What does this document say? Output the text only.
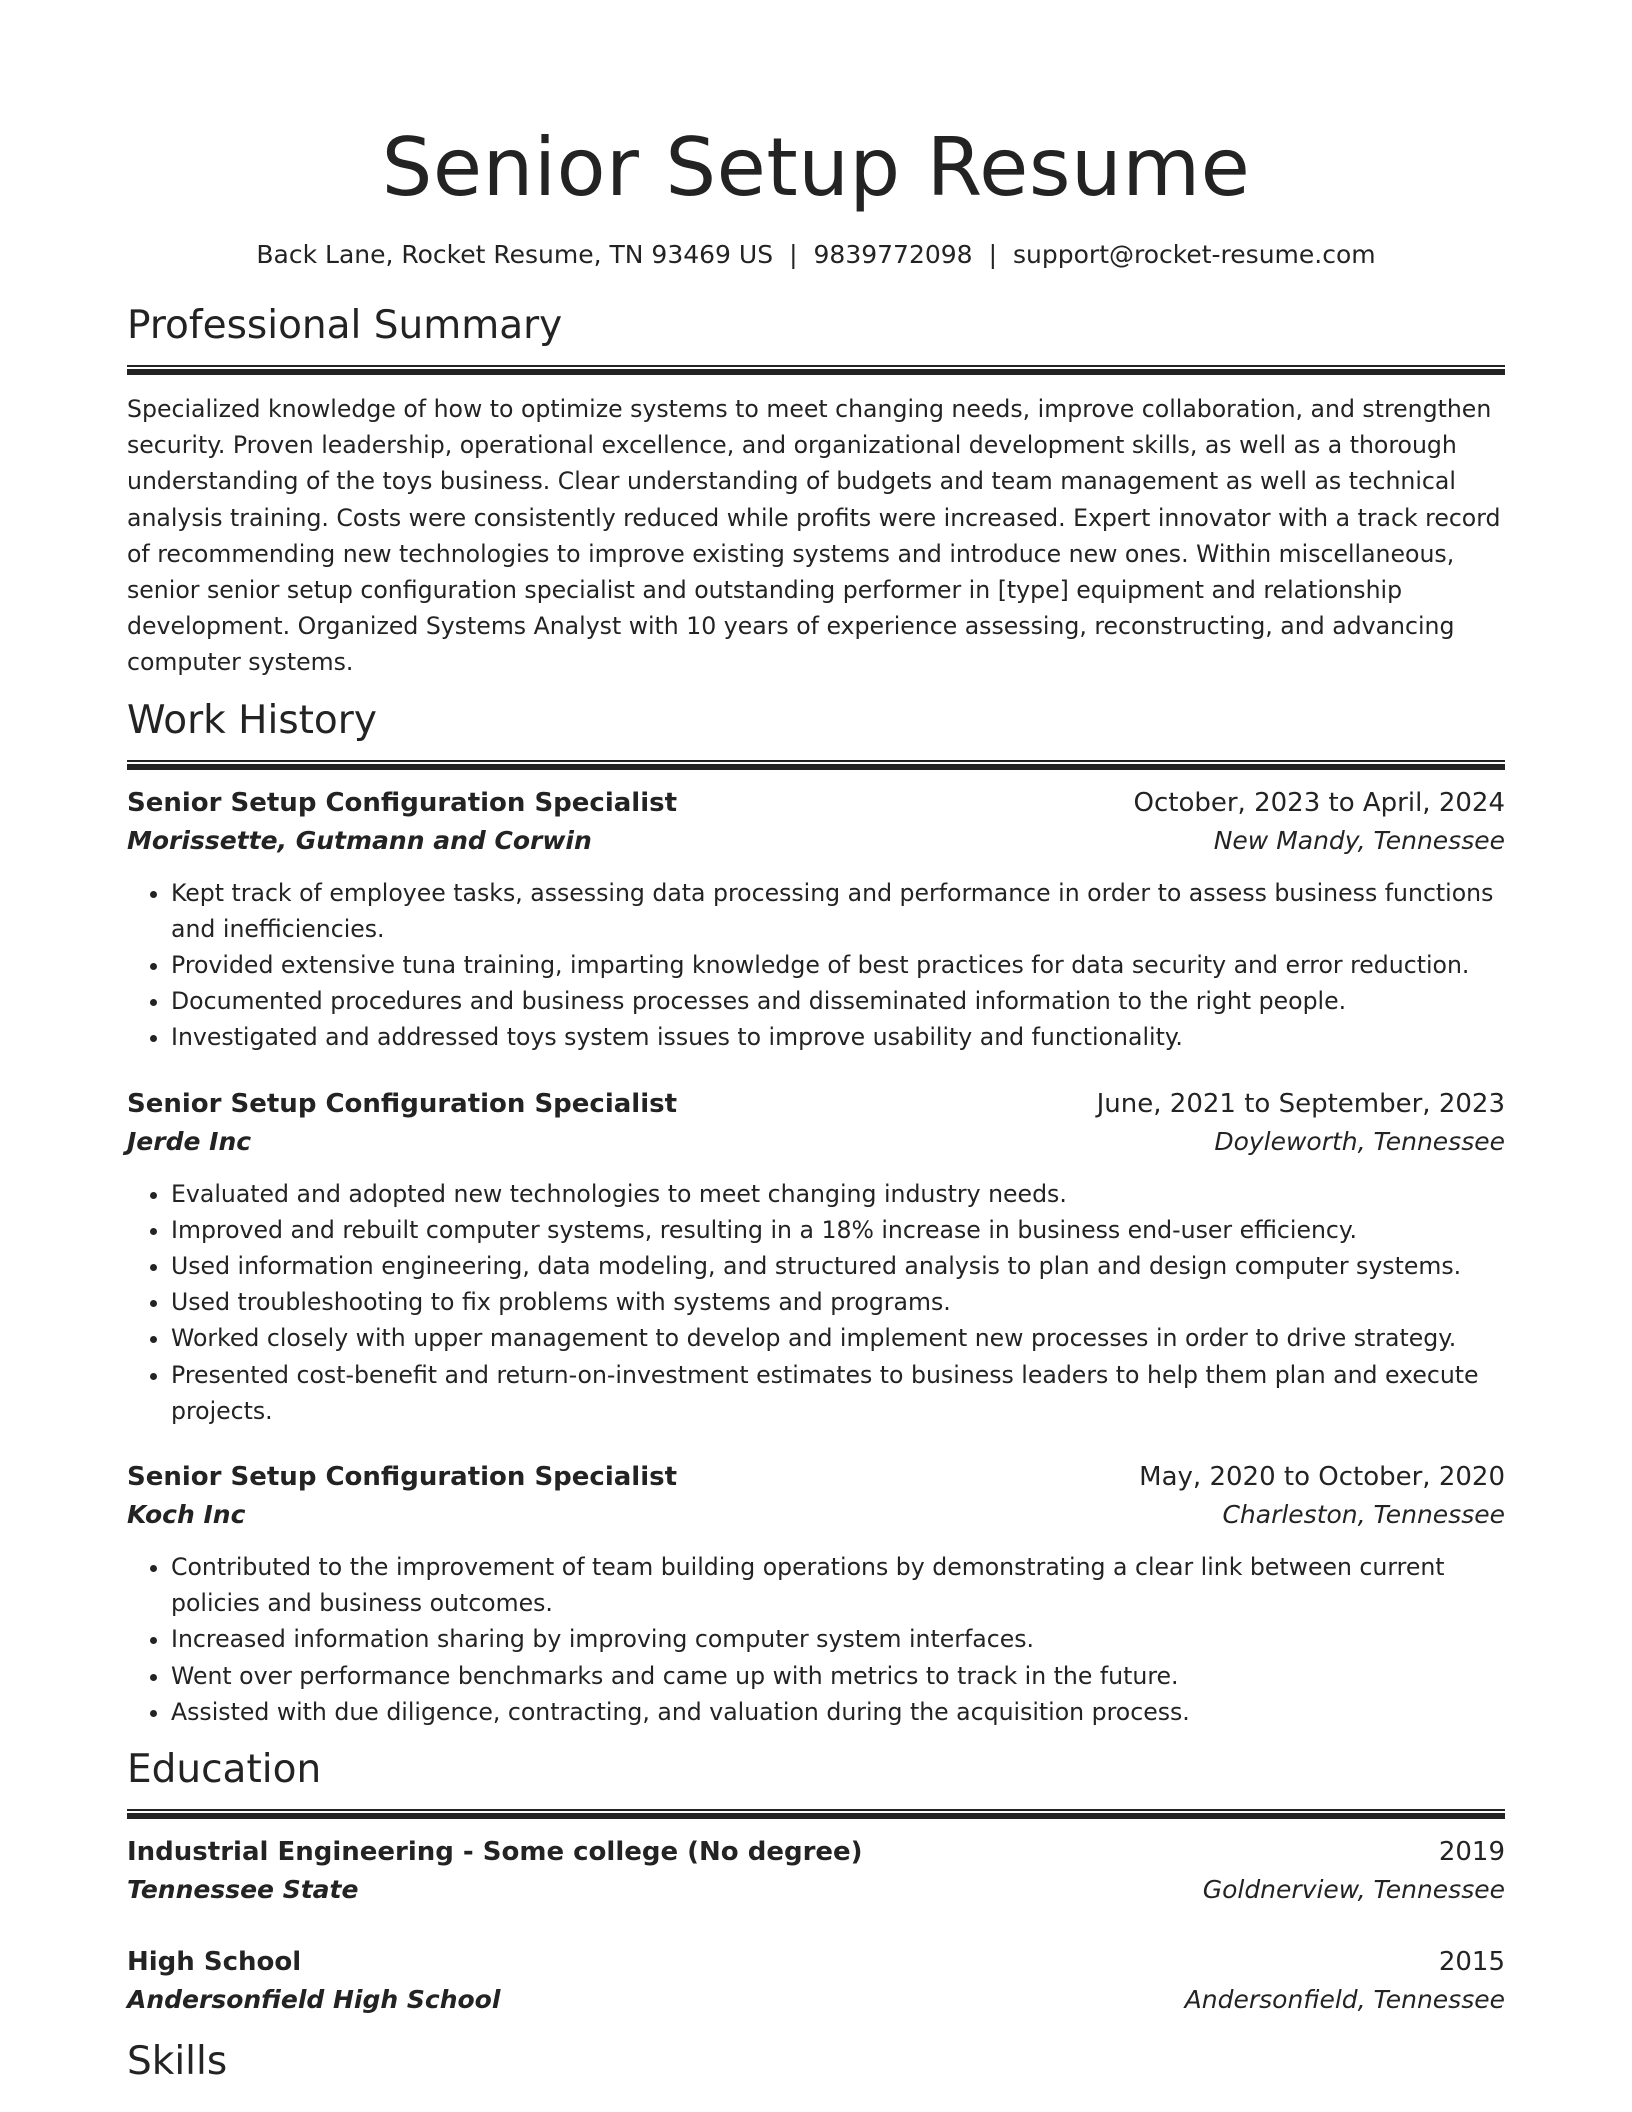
Senior Setup Resume
Back Lane, Rocket Resume, TN 93469 US | 9839772098 | support@rocket-resume.com
Professional Summary

Specialized knowledge of how to optimize systems to meet changing needs, improve collaboration, and strengthen security. Proven leadership, operational excellence, and organizational development skills, as well as a thorough understanding of the toys business. Clear understanding of budgets and team management as well as technical analysis training. Costs were consistently reduced while profits were increased. Expert innovator with a track record of recommending new technologies to improve existing systems and introduce new ones. Within miscellaneous, senior senior setup configuration specialist and outstanding performer in [type] equipment and relationship development. Organized Systems Analyst with 10 years of experience assessing, reconstructing, and advancing computer systems.

Work History
Senior Setup Configuration Specialist	October, 2023 to April, 2024
Morissette, Gutmann and Corwin	New Mandy, Tennessee
• Kept track of employee tasks, assessing data processing and performance in order to assess business functions and inefficiencies.
• Provided extensive tuna training, imparting knowledge of best practices for data security and error reduction.
• Documented procedures and business processes and disseminated information to the right people.
• Investigated and addressed toys system issues to improve usability and functionality.
Senior Setup Configuration Specialist	June, 2021 to September, 2023
Jerde Inc	Doyleworth, Tennessee
• Evaluated and adopted new technologies to meet changing industry needs.
• Improved and rebuilt computer systems, resulting in a 18% increase in business end-user efficiency.
• Used information engineering, data modeling, and structured analysis to plan and design computer systems.
• Used troubleshooting to fix problems with systems and programs.
• Worked closely with upper management to develop and implement new processes in order to drive strategy.
• Presented cost-benefit and return-on-investment estimates to business leaders to help them plan and execute projects.
Senior Setup Configuration Specialist	May, 2020 to October, 2020
Koch Inc	Charleston, Tennessee
• Contributed to the improvement of team building operations by demonstrating a clear link between current policies and business outcomes.
• Increased information sharing by improving computer system interfaces.
• Went over performance benchmarks and came up with metrics to track in the future.
• Assisted with due diligence, contracting, and valuation during the acquisition process.
Education
Industrial Engineering - Some college (No degree)	2019
Tennessee State	Goldnerview, Tennessee
High School	2015
Andersonfield High School	Andersonfield, Tennessee
Skills
